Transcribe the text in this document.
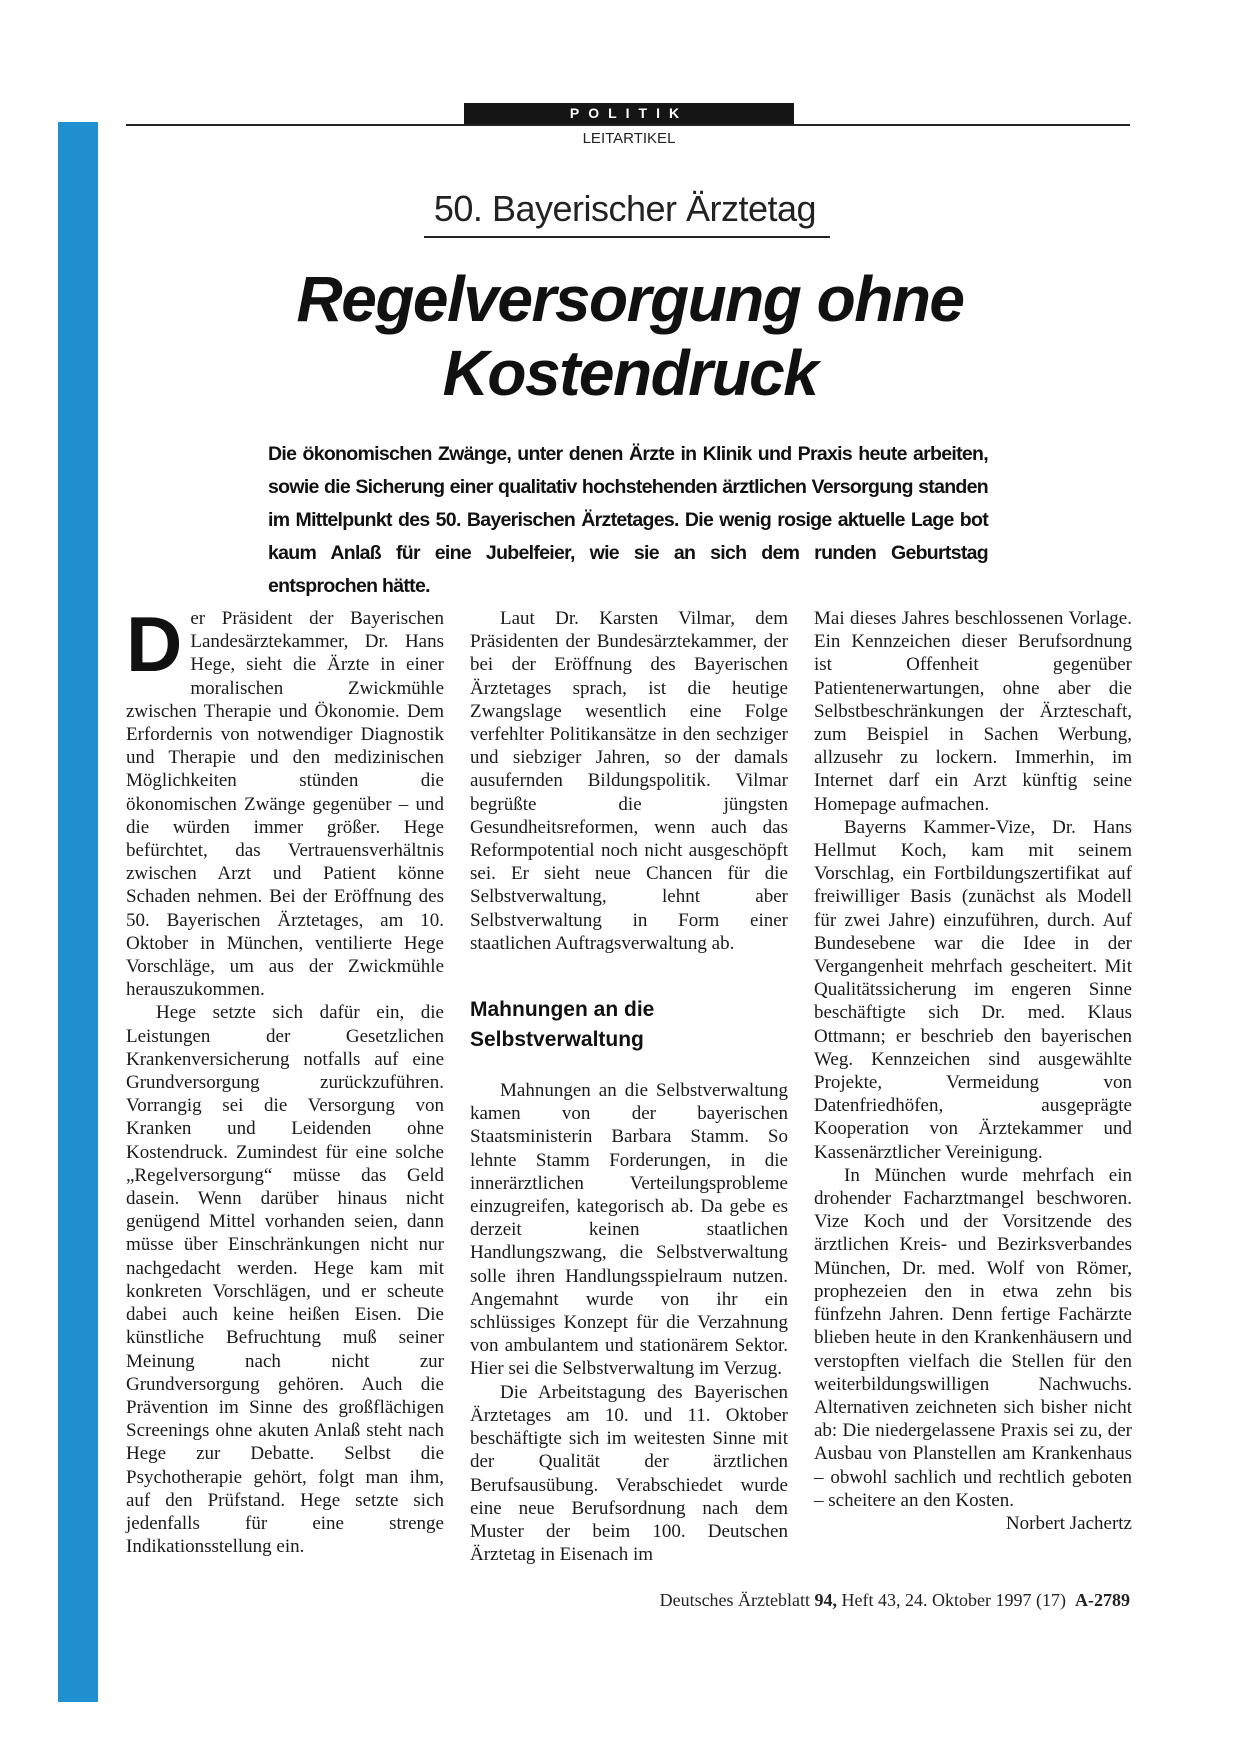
POLITIK
LEITARTIKEL
50. Bayerischer Ärztetag
Regelversorgung ohne
Kostendruck

Die ökonomischen Zwänge, unter denen Ärzte in Klinik und Praxis heute arbeiten, sowie die Sicherung einer qualitativ hochstehenden ärztlichen Versorgung standen im Mittelpunkt des 50. Bayerischen Ärztetages. Die wenig rosige aktuelle Lage bot kaum Anlaß für eine Jubelfeier, wie sie an sich dem runden Geburtstag entsprochen hätte.

Der Präsident der Bayerischen Landesärztekammer, Dr. Hans Hege, sieht die Ärzte in einer moralischen Zwickmühle zwischen Therapie und Ökonomie. Dem Erfordernis von notwendiger Diagnostik und Therapie und den medizinischen Möglichkeiten stünden die ökonomischen Zwänge gegenüber – und die würden immer größer. Hege befürchtet, das Vertrauensverhältnis zwischen Arzt und Patient könne Schaden nehmen. Bei der Eröffnung des 50. Bayerischen Ärztetages, am 10. Oktober in München, ventilierte Hege Vorschläge, um aus der Zwickmühle herauszukommen.

Hege setzte sich dafür ein, die Leistungen der Gesetzlichen Krankenversicherung notfalls auf eine Grundversorgung zurückzuführen. Vorrangig sei die Versorgung von Kranken und Leidenden ohne Kostendruck. Zumindest für eine solche „Regelversorgung“ müsse das Geld dasein. Wenn darüber hinaus nicht genügend Mittel vorhanden seien, dann müsse über Einschränkungen nicht nur nachgedacht werden. Hege kam mit konkreten Vorschlägen, und er scheute dabei auch keine heißen Eisen. Die künstliche Befruchtung muß seiner Meinung nach nicht zur Grundversorgung gehören. Auch die Prävention im Sinne des großflächigen Screenings ohne akuten Anlaß steht nach Hege zur Debatte. Selbst die Psychotherapie gehört, folgt man ihm, auf den Prüfstand. Hege setzte sich jedenfalls für eine strenge Indikationsstellung ein.

Laut Dr. Karsten Vilmar, dem Präsidenten der Bundesärztekammer, der bei der Eröffnung des Bayerischen Ärztetages sprach, ist die heutige Zwangslage wesentlich eine Folge verfehlter Politikansätze in den sechziger und siebziger Jahren, so der damals ausufernden Bildungspolitik. Vilmar begrüßte die jüngsten Gesundheitsreformen, wenn auch das Reformpotential noch nicht ausgeschöpft sei. Er sieht neue Chancen für die Selbstverwaltung, lehnt aber Selbstverwaltung in Form einer staatlichen Auftragsverwaltung ab.

Mahnungen an die Selbstverwaltung

Mahnungen an die Selbstverwaltung kamen von der bayerischen Staatsministerin Barbara Stamm. So lehnte Stamm Forderungen, in die innerärztlichen Verteilungsprobleme einzugreifen, kategorisch ab. Da gebe es derzeit keinen staatlichen Handlungszwang, die Selbstverwaltung solle ihren Handlungsspielraum nutzen. Angemahnt wurde von ihr ein schlüssiges Konzept für die Verzahnung von ambulantem und stationärem Sektor. Hier sei die Selbstverwaltung im Verzug.

Die Arbeitstagung des Bayerischen Ärztetages am 10. und 11. Oktober beschäftigte sich im weitesten Sinne mit der Qualität der ärztlichen Berufsausübung. Verabschiedet wurde eine neue Berufsordnung nach dem Muster der beim 100. Deutschen Ärztetag in Eisenach im

Mai dieses Jahres beschlossenen Vorlage. Ein Kennzeichen dieser Berufsordnung ist Offenheit gegenüber Patientenerwartungen, ohne aber die Selbstbeschränkungen der Ärzteschaft, zum Beispiel in Sachen Werbung, allzusehr zu lockern. Immerhin, im Internet darf ein Arzt künftig seine Homepage aufmachen.

Bayerns Kammer-Vize, Dr. Hans Hellmut Koch, kam mit seinem Vorschlag, ein Fortbildungszertifikat auf freiwilliger Basis (zunächst als Modell für zwei Jahre) einzuführen, durch. Auf Bundesebene war die Idee in der Vergangenheit mehrfach gescheitert. Mit Qualitätssicherung im engeren Sinne beschäftigte sich Dr. med. Klaus Ottmann; er beschrieb den bayerischen Weg. Kennzeichen sind ausgewählte Projekte, Vermeidung von Datenfriedhöfen, ausgeprägte Kooperation von Ärztekammer und Kassenärztlicher Vereinigung.

In München wurde mehrfach ein drohender Facharztmangel beschworen. Vize Koch und der Vorsitzende des ärztlichen Kreis- und Bezirksverbandes München, Dr. med. Wolf von Römer, prophezeien den in etwa zehn bis fünfzehn Jahren. Denn fertige Fachärzte blieben heute in den Krankenhäusern und verstopften vielfach die Stellen für den weiterbildungswilligen Nachwuchs. Alternativen zeichneten sich bisher nicht ab: Die niedergelassene Praxis sei zu, der Ausbau von Planstellen am Krankenhaus – obwohl sachlich und rechtlich geboten – scheitere an den Kosten.
Norbert Jachertz

Deutsches Ärzteblatt 94, Heft 43, 24. Oktober 1997 (17) A-2789
